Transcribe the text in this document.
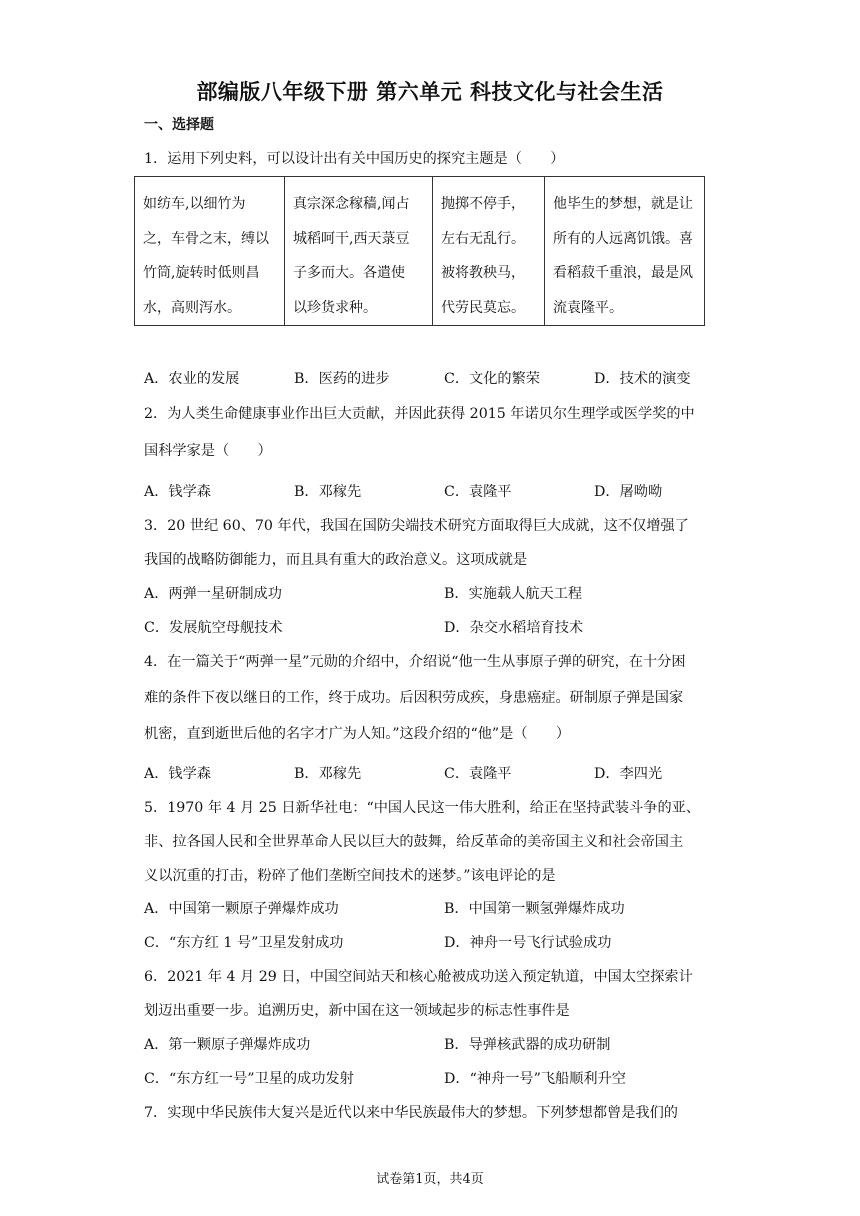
部编版八年级下册 第六单元 科技文化与社会生活
一、选择题
1．运用下列史料，可以设计出有关中国历史的探究主题是（　　）
如纺车,以细竹为
之，车骨之末，缚以
竹筒,旋转时低则昌
水，高则泻水。

真宗深念稼穑,闻占
城稻呵干,西天菉豆
子多而大。各遣使
以珍货求种。

抛掷不停手，
左右无乱行。
被将教秧马，
代劳民莫忘。

他毕生的梦想，就是让
所有的人远离饥饿。喜
看稻菽千重浪，最是风
流袁隆平。
A．农业的发展	B．医药的进步	C．文化的繁荣	D．技术的演变
2．为人类生命健康事业作出巨大贡献，并因此获得 2015 年诺贝尔生理学或医学奖的中
国科学家是（　　）
A．钱学森	B．邓稼先	C．袁隆平	D．屠呦呦
3．20 世纪 60、70 年代，我国在国防尖端技术研究方面取得巨大成就，这不仅增强了
我国的战略防御能力，而且具有重大的政治意义。这项成就是
A．两弹一星研制成功	B．实施载人航天工程
C．发展航空母舰技术	D．杂交水稻培育技术
4．在一篇关于“两弹一星”元勋的介绍中，介绍说“他一生从事原子弹的研究，在十分困
难的条件下夜以继日的工作，终于成功。后因积劳成疾，身患癌症。研制原子弹是国家
机密，直到逝世后他的名字才广为人知。”这段介绍的“他”是（　　）
A．钱学森	B．邓稼先	C．袁隆平	D．李四光
5．1970 年 4 月 25 日新华社电：“中国人民这一伟大胜利，给正在坚持武装斗争的亚、
非、拉各国人民和全世界革命人民以巨大的鼓舞，给反革命的美帝国主义和社会帝国主
义以沉重的打击，粉碎了他们垄断空间技术的迷梦。”该电评论的是
A．中国第一颗原子弹爆炸成功	B．中国第一颗氢弹爆炸成功
C．“东方红 1 号”卫星发射成功	D．神舟一号飞行试验成功
6．2021 年 4 月 29 日，中国空间站天和核心舱被成功送入预定轨道，中国太空探索计
划迈出重要一步。追溯历史，新中国在这一领域起步的标志性事件是
A．第一颗原子弹爆炸成功	B．导弹核武器的成功研制
C．“东方红一号”卫星的成功发射	D．“神舟一号”飞船顺利升空
7．实现中华民族伟大复兴是近代以来中华民族最伟大的梦想。下列梦想都曾是我们的
试卷第1页，共4页
